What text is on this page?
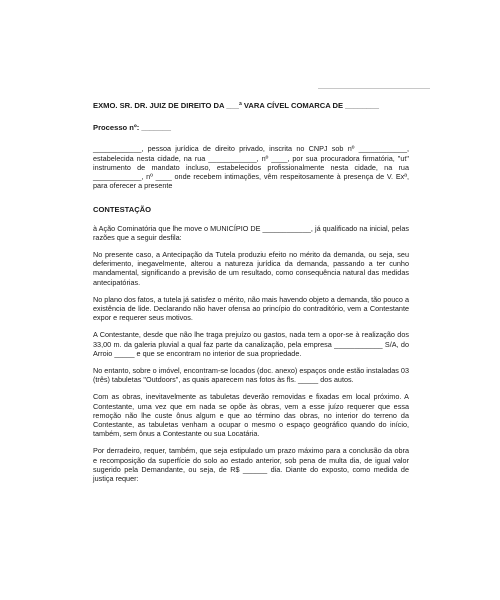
EXMO. SR. DR. JUIZ DE DIREITO DA ___ª VARA CÍVEL COMARCA DE ________

Processo nº: _______

____________, pessoa jurídica de direito privado, inscrita no CNPJ sob nº ____________, estabelecida nesta cidade, na rua ____________, nº ____, por sua procuradora firmatória, "ut" instrumento de mandato incluso, estabelecidos profissionalmente nesta cidade, na rua ____________, nº ____ onde recebem intimações, vêm respeitosamente à presença de V. Exª, para oferecer a presente

CONTESTAÇÃO

à Ação Cominatória que lhe move o MUNICÍPIO DE ____________, já qualificado na inicial, pelas razões que a seguir desfila:

No presente caso, a Antecipação da Tutela produziu efeito no mérito da demanda, ou seja, seu deferimento, inegavelmente, alterou a natureza jurídica da demanda, passando a ter cunho mandamental, significando a previsão de um resultado, como consequência natural das medidas antecipatórias.

No plano dos fatos, a tutela já satisfez o mérito, não mais havendo objeto a demanda, tão pouco a existência de lide. Declarando não haver ofensa ao princípio do contraditório, vem a Contestante expor e requerer seus motivos.

A Contestante, desde que não lhe traga prejuízo ou gastos, nada tem a opor-se à realização dos 33,00 m. da galeria pluvial a qual faz parte da canalização, pela empresa ____________ S/A, do Arroio _____ e que se encontram no interior de sua propriedade.

No entanto, sobre o imóvel, encontram-se locados (doc. anexo) espaços onde estão instaladas 03 (três) tabuletas "Outdoors", as quais aparecem nas fotos às fls. _____ dos autos.

Com as obras, inevitavelmente as tabuletas deverão removidas e fixadas em local próximo. A Contestante, uma vez que em nada se opõe às obras, vem a esse juízo requerer que essa remoção não lhe custe ônus algum e que ao término das obras, no interior do terreno da Contestante, as tabuletas venham a ocupar o mesmo o espaço geográfico quando do início, também, sem ônus a Contestante ou sua Locatária.

Por derradeiro, requer, também, que seja estipulado um prazo máximo para a conclusão da obra e recomposição da superfície do solo ao estado anterior, sob pena de multa dia, de igual valor sugerido pela Demandante, ou seja, de R$ ______ dia. Diante do exposto, como medida de justiça requer:
